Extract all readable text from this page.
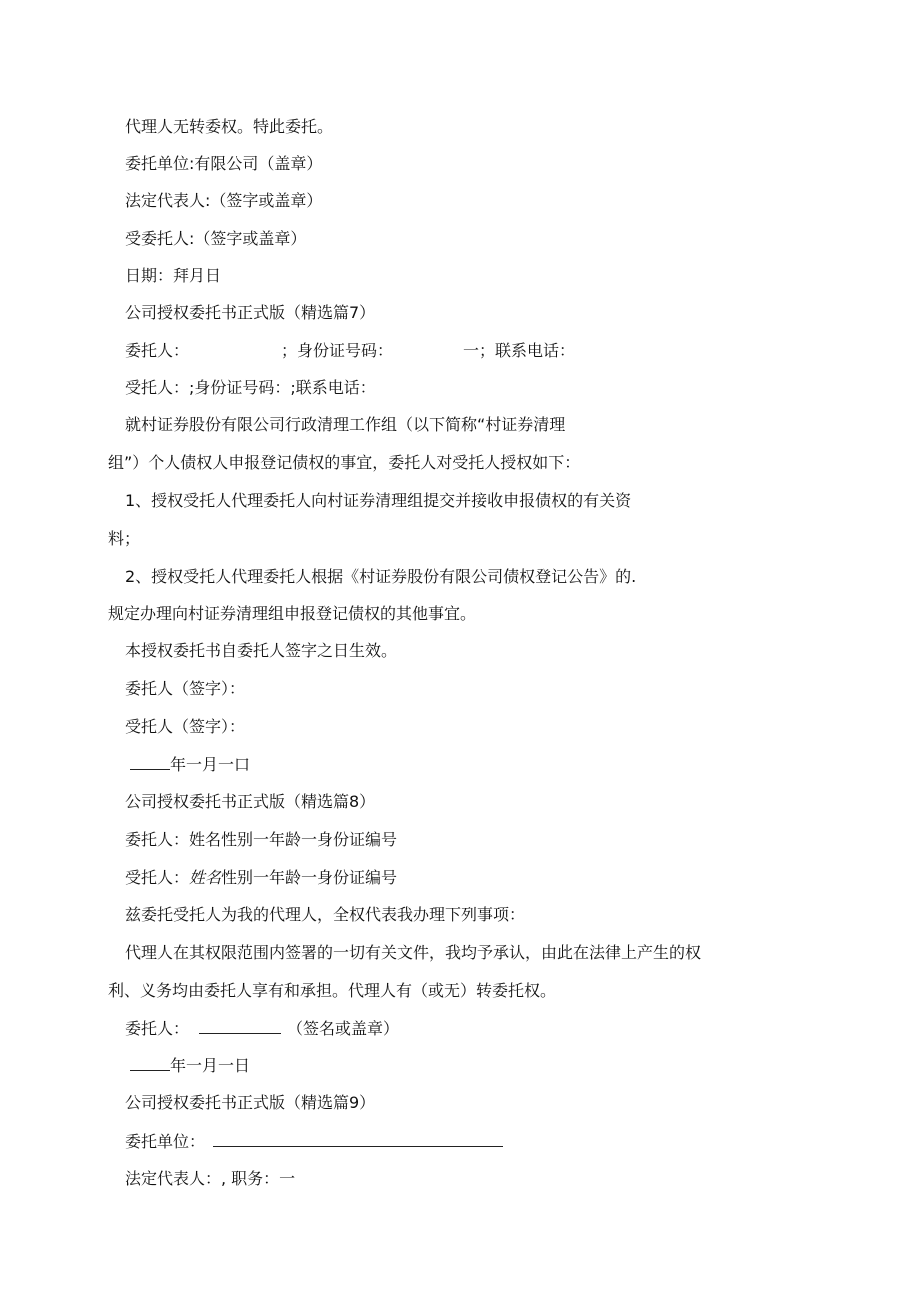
代理人无转委权。特此委托。
委托单位:有限公司（盖章）
法定代表人:（签字或盖章）
受委托人:（签字或盖章）
日期：拜月日
公司授权委托书正式版（精选篇7）
委托人：	；身份证号码：	一；联系电话：
受托人：;身份证号码：;联系电话：
就村证券股份有限公司行政清理工作组（以下简称“村证券清理
组”）个人债权人申报登记债权的事宜，委托人对受托人授权如下：
1、授权受托人代理委托人向村证券清理组提交并接收申报债权的有关资
料；
2、授权受托人代理委托人根据《村证券股份有限公司债权登记公告》的.
规定办理向村证券清理组申报登记债权的其他事宜。
本授权委托书自委托人签字之日生效。
委托人（签字）：
受托人（签字）：
年一月一口
公司授权委托书正式版（精选篇8）
委托人：姓名性别一年龄一身份证编号
受托人：姓名性别一年龄一身份证编号
兹委托受托人为我的代理人，全权代表我办理下列事项：
代理人在其权限范围内签署的一切有关文件，我均予承认，由此在法律上产生的权
利、义务均由委托人享有和承担。代理人有（或无）转委托权。
委托人：	（签名或盖章）
年一月一日
公司授权委托书正式版（精选篇9）
委托单位：
法定代表人：, 职务：一
